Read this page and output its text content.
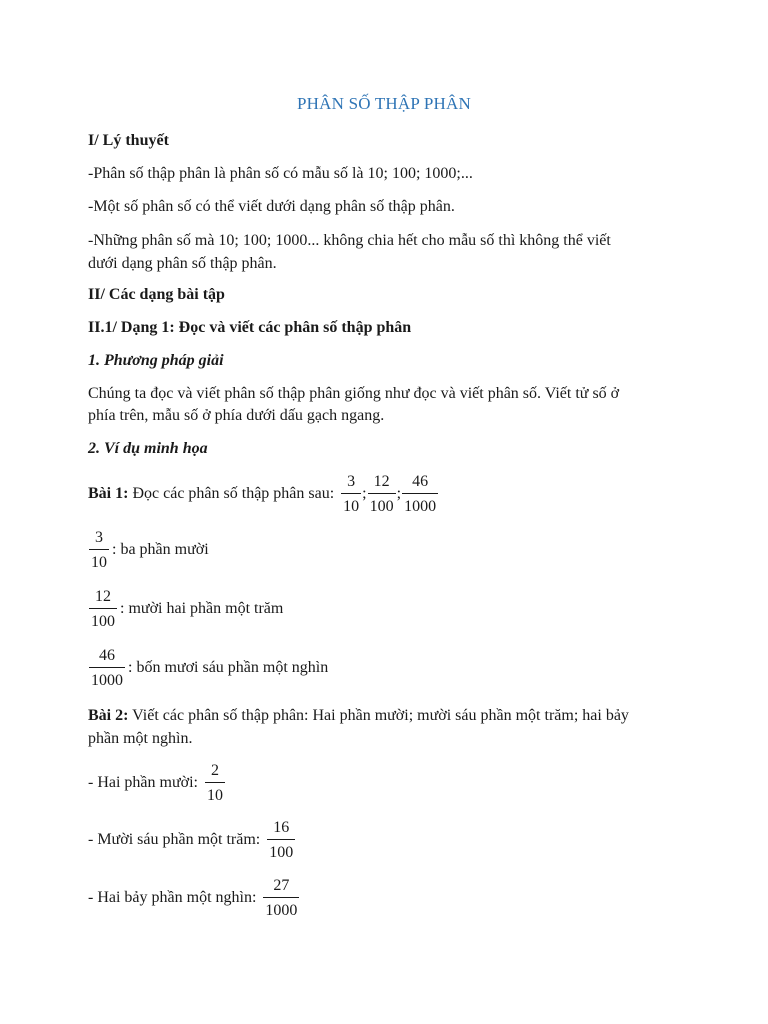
PHÂN SỐ THẬP PHÂN
I/ Lý thuyết
-Phân số thập phân là phân số có mẫu số là 10; 100; 1000;...
-Một số phân số có thể viết dưới dạng phân số thập phân.
-Những phân số mà 10; 100; 1000... không chia hết cho mẫu số thì không thể viết
dưới dạng phân số thập phân.
II/ Các dạng bài tập
II.1/ Dạng 1: Đọc và viết các phân số thập phân
1. Phương pháp giải
Chúng ta đọc và viết phân số thập phân giống như đọc và viết phân số. Viết tử số ở
phía trên, mẫu số ở phía dưới dấu gạch ngang.
2. Ví dụ minh họa
Bài 1: Đọc các phân số thập phân sau: $\frac{3}{10}$ ; $\frac{12}{100}$ ; $\frac{46}{1000}$
$\frac{3}{10}$ : ba phần mười
$\frac{12}{100}$ : mười hai phần một trăm
$\frac{46}{1000}$ : bốn mươi sáu phần một nghìn
Bài 2: Viết các phân số thập phân: Hai phần mười; mười sáu phần một trăm; hai bảy
phần một nghìn.
- Hai phần mười: $\frac{2}{10}$
- Mười sáu phần một trăm: $\frac{16}{100}$
- Hai bảy phần một nghìn: $\frac{27}{1000}$
